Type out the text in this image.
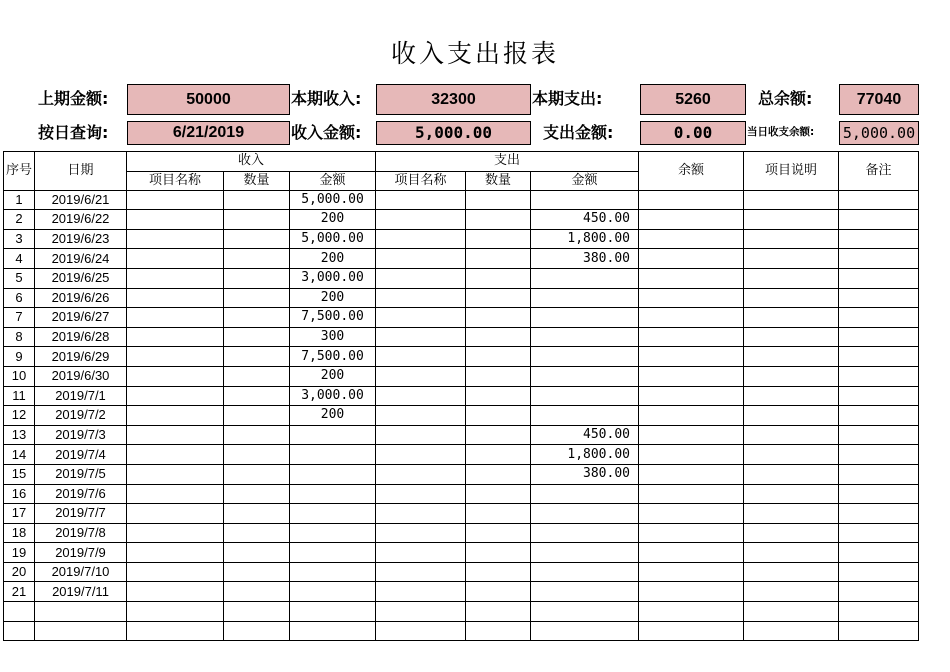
收入支出报表
上期金额:	50000	本期收入:	32300	本期支出:	5260	总余额:	77040
按日查询:	6/21/2019	收入金额:	5,000.00	支出金额:	0.00	当日收支余额: 5,000.00
序号	日期	收入			支出			余额	项目说明	备注
		项目名称	数量	金额	项目名称	数量	金额			
1	2019/6/21			5,000.00						
2	2019/6/22			200			450.00			
3	2019/6/23			5,000.00			1,800.00			
4	2019/6/24			200			380.00			
5	2019/6/25			3,000.00						
6	2019/6/26			200						
7	2019/6/27			7,500.00						
8	2019/6/28			300						
9	2019/6/29			7,500.00						
10	2019/6/30			200						
11	2019/7/1			3,000.00						
12	2019/7/2			200						
13	2019/7/3						450.00			
14	2019/7/4						1,800.00			
15	2019/7/5						380.00			
16	2019/7/6									
17	2019/7/7									
18	2019/7/8									
19	2019/7/9									
20	2019/7/10									
21	2019/7/11									
